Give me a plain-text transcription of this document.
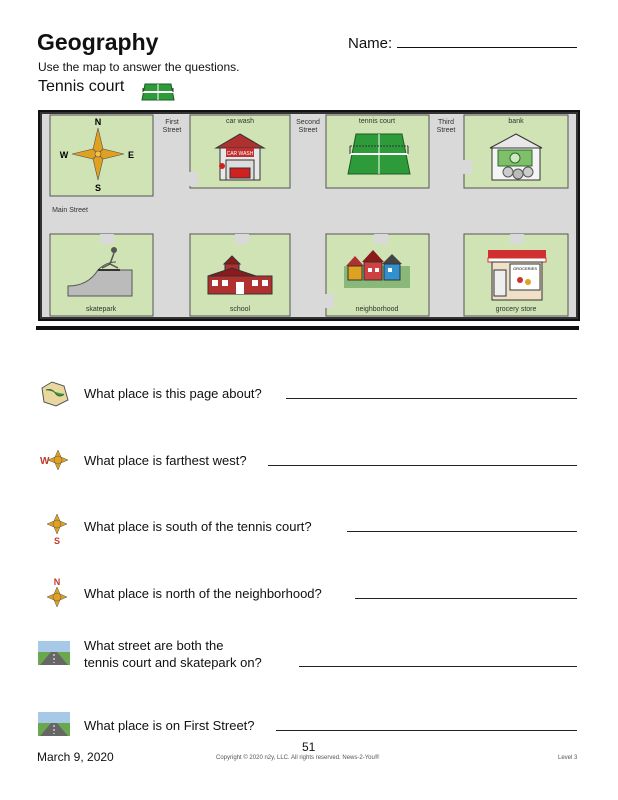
Geography	Name:
Use the map to answer the questions.
Tennis court
N
S
E
W
First
Street
Second
Street
Third
Street
Main Street
car wash	tennis court	bank
skatepark	school	neighborhood	grocery store
CAR WASH
GROCERIES
What place is this page about?
W	What place is farthest west?
S
What place is south of the tennis court?
N
What place is north of the neighborhood?
What street are both the
tennis court and skatepark on?
What place is on First Street?
March 9, 2020
51
Copyright © 2020 n2y, LLC. All rights reserved. News-2-You®	Level 3
